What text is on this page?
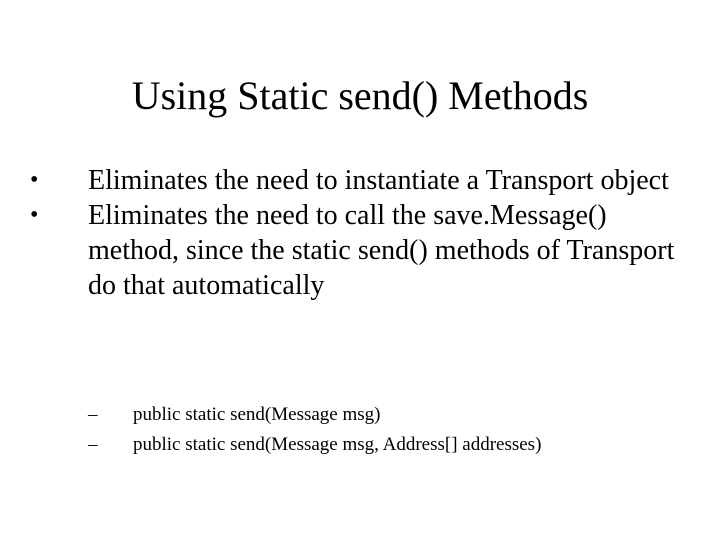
Using Static send() Methods
•	Eliminates the need to instantiate a Transport object
•	Eliminates the need to call the save.Message() method, since the static send() methods of Transport do that automatically
– public static send(Message msg)
– public static send(Message msg, Address[] addresses)
